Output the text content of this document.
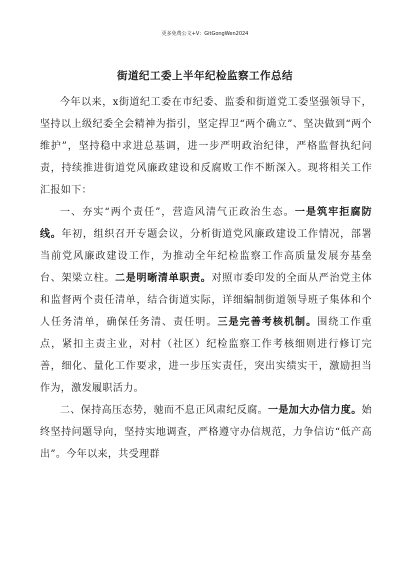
更多免费公文+V：GitGongWen2024
街道纪工委上半年纪检监察工作总结

今年以来，x街道纪工委在市纪委、监委和街道党工委坚强领导下，坚持以上级纪委全会精神为指引，坚定捍卫“两个确立”、坚决做到“两个维护”，坚持稳中求进总基调，进一步严明政治纪律，严格监督执纪问责，持续推进街道党风廉政建设和反腐败工作不断深入。现将相关工作汇报如下：

一、夯实“两个责任”，营造风清气正政治生态。一是筑牢拒腐防线。年初，组织召开专题会议，分析街道党风廉政建设工作情况，部署当前党风廉政建设工作，为推动全年纪检监察工作高质量发展夯基垒台、架梁立柱。二是明晰清单职责。对照市委印发的全面从严治党主体和监督两个责任清单，结合街道实际，详细编制街道领导班子集体和个人任务清单，确保任务清、责任明。三是完善考核机制。围绕工作重点，紧扣主责主业，对村（社区）纪检监察工作考核细则进行修订完善，细化、量化工作要求，进一步压实责任，突出实绩实干，激励担当作为，激发履职活力。

二、保持高压态势，驰而不息正风肃纪反腐。一是加大办信力度。始终坚持问题导向，坚持实地调查，严格遵守办信规范，力争信访“低产高出”。今年以来，共受理群
